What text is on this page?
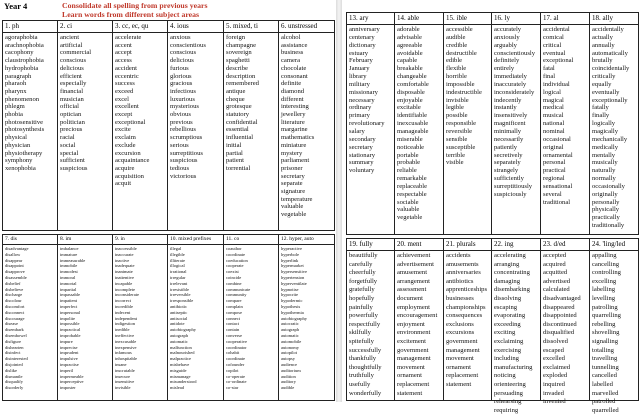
Year 4	Consolidate all spelling from previous years
Learn words from different subject areas
1. ph
agoraphobia
arachnophobia
cacophony
claustrophobia
hydrophobia
paragraph
pharaoh
pharynx
phenomenon
phlegm
phobia
photosensitive
photosynthesis
physical
physician
physiotherapy
symphony
xenophobia
2. ci
ancient
artificial
commercial
conscious
delicious
efficient
especially
financial
musician
official
optician
politician
precious
racial
social
special
sufficient
suspicious
3. cc, ec, qu
accelerate
accent
accept
access
accident
eccentric
success
exceed
excel
excellent
except
exceptional
excite
exclaim
exclude
excursion
acquaintance
acquire
acquisition
acquit
4. ious
anxious
conscientious
conscious
delicious
furious
glorious
gracious
infectious
luxurious
mysterious
obvious
previous
rebellious
scrumptious
serious
surreptitious
suspicious
tedious
victorious
5. mixed, ti
foreign
champagne
sovereign
spaghetti
describe
description
remembered
antique
cheque
grotesque
statutory
confidential
essential
influential
initial
partial
patient
torrential
6. unstressed
alcohol
assistance
business
camera
chocolate
consonant
definite
diamond
different
interesting
jewellery
literature
margarine
mathematics
miniature
mystery
parliament
prisoner
secretary
separate
signature
temperature
valuable
vegetable
7. dis
disadvantage
disallow
disappear
disappoint
disapprove
disassemble
disbelief
disbelieve
discharge
discolour
discomfort
disconnect
discourage
disease
disembark
disembowel
disfigure
dishearten
disinfect
disinterested
disjointed
dislike
dismantle
disqualify
disorderly
8. im
imbalance
immature
immeasurable
immobile
immodest
immoral
immortal
impartial
impassable
impatient
imperfect
impersonal
impolite
impossible
impractical
improbable
impure
imprecise
imprudent
impulsive
impractise
imperil
impermeable
imperceptive
imposter
9. in
inaccessible
inaccurate
inactive
inadequate
inanimate
inattentive
incapable
incomplete
inconsiderate
incorrect
incredible
indecent
independent
indigestion
inedible
ineffective
inexcusable
inexpensive
infamous
inhospitable
insane
inscrutable
insecure
insensitive
invisible
10. mixed prefixes
illegal
illegible
illiterate
illogical
irrational
irregular
irrelevant
irresistible
irreversible
irresponsible
antibiotic
antiseptic
antisocial
antidote
autobiography
autograph
automatic
malfunction
malnourished
malpractice
misbehave
misguide
mismanage
misunderstood
mislead
11. co
coauthor
coordinate
coeducation
cooperate
coexist
coincide
combine
communicate
community
compare
complain
compose
connect
contact
contain
converse
cooperative
coordinator
cohabit
coordinate
cofounder
copilot
co-operate
co-ordinate
co-star
12. hyper, auto
hyperactive
hyperbole
hyperlink
hypermarket
hypersensitive
hypertension
hyperventilate
hypnotise
hypocrite
hypodermic
hypothesis
hypothermia
autobiography
autocratic
autograph
automatic
automobile
autonomy
autopilot
autopsy
audience
auditorium
audition
auditory
audible
13. ary
anniversary
centenary
dictionary
estuary
February
January
library
military
missionary
necessary
ordinary
primary
revolutionary
salary
secondary
secretary
stationary
summary
voluntary
14. able
adorable
advisable
agreeable
avoidable
capable
breakable
changeable
comfortable
disposable
enjoyable
excitable
identifiable
inexcusable
manageable
miserable
noticeable
portable
probable
reliable
remarkable
replaceable
respectable
sociable
valuable
vegetable
15. ible
accessible
audible
credible
destructible
edible
flexible
horrible
impossible
indestructible
invisible
legible
possible
responsible
reversible
sensible
susceptible
terrible
visible
16. ly
accurately
anxiously
arguably
conscientiously
definitely
entirely
immediately
inaccurately
inconsiderately
indecently
instantly
insensitively
magnificent
minimally
necessarily
patiently
secretively
separately
strangely
sufficiently
surreptitiously
suspiciously
17. al
accidental
comical
critical
eventual
exceptional
fatal
final
individual
logical
magical
medical
musical
national
nominal
occasional
original
ornamental
personal
practical
regional
sensational
several
traditional
18. ally
accidentally
actually
annually
automatically
brutally
coincidentally
critically
equally
eventually
exceptionally
fatally
finally
logically
magically
mechanically
medically
mentally
musically
naturally
normally
occasionally
originally
personally
physically
practically
traditionally
19. fully
beautifully
carefully
cheerfully
forgetfully
gratefully
hopefully
painfully
powerfully
respectfully
skilfully
spitefully
successfully
thankfully
thoughtfully
truthfully
usefully
wonderfully
20. ment
achievement
advertisement
amusement
arrangement
assessment
document
employment
encouragement
enjoyment
environment
excitement
government
management
movement
ornament
replacement
statement
21. plurals
accidents
amusements
anniversaries
antibiotics
apprenticeships
businesses
championships
consequences
exclusions
excursions
government
management
movement
ornament
replacement
statement
22. ing
accelerating
arranging
concentrating
damaging
disembarking
dissolving
escaping
evaporating
exceeding
exciting
exclaiming
exercising
including
manufacturing
noticing
orienteering
persuading
rehearsing
requiring
23. d/ed
accepted
acquired
acquitted
advertised
calculated
disadvantaged
disappeared
disappointed
discontinued
disqualified
dissolved
escaped
excelled
exclaimed
exploded
inquired
invaded
invented
24. 'ling/led
appalling
cancelling
controlling
excelling
labelling
levelling
patrolling
quarrelling
rebelling
shovelling
signalling
totalling
travelling
tunnelling
cancelled
labelled
marvelled
patrolled
quarrelled
